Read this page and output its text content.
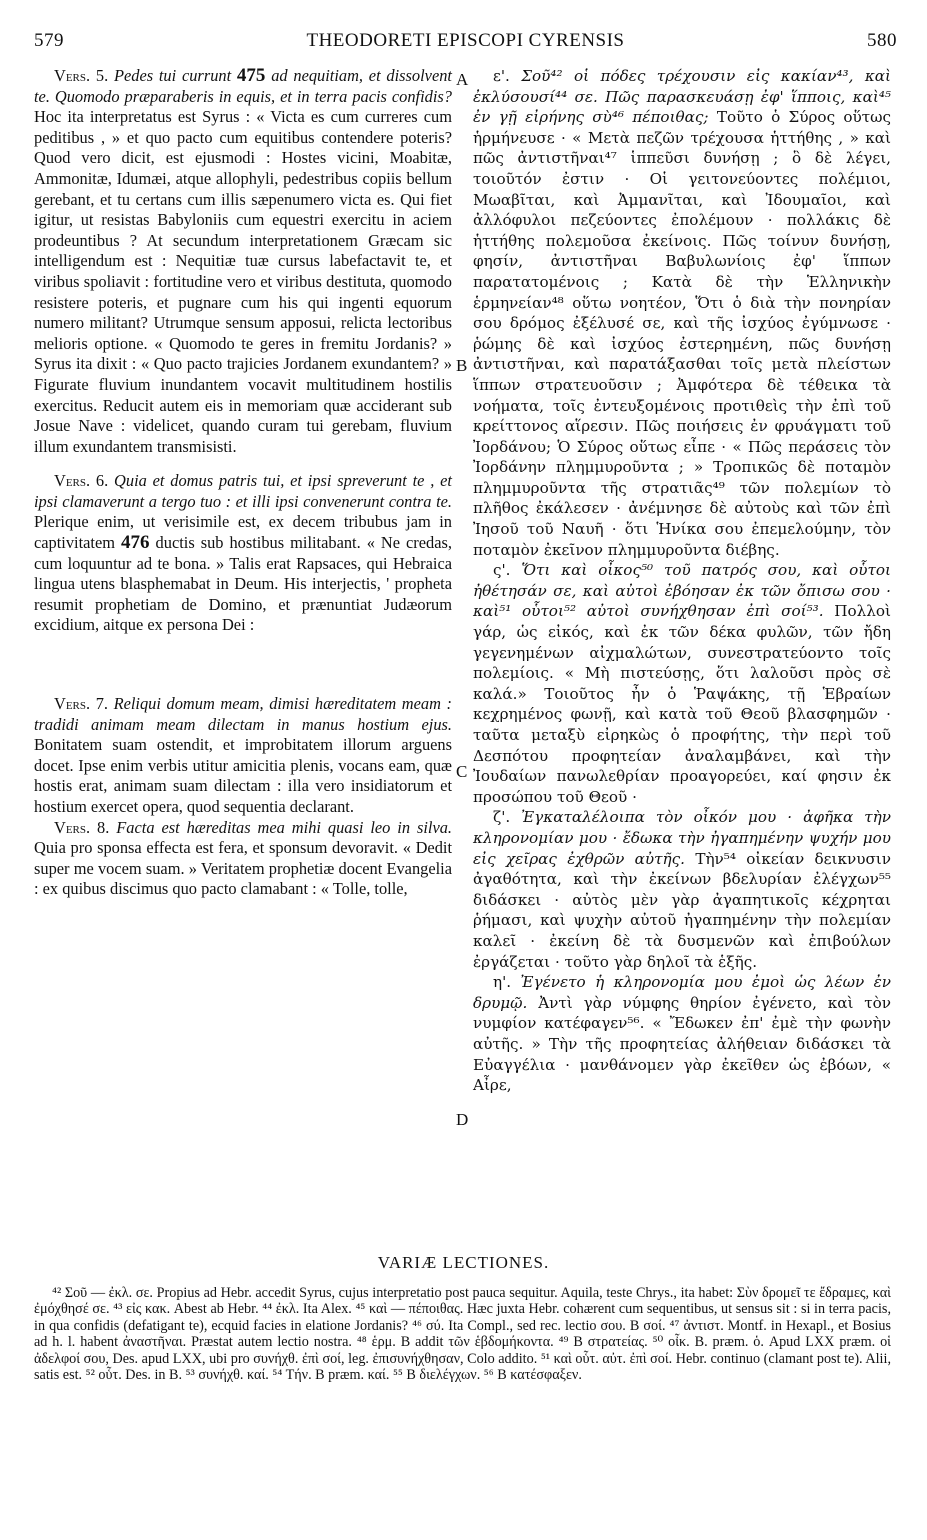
579	THEODORETI EPISCOPI CYRENSIS	580

Vers. 5. Pedes tui currunt 475 ad nequitiam, et dissolvent te. Quomodo præparaberis in equis, et in terra pacis confidis? Hoc ita interpretatus est Syrus : « Victa es cum curreres cum peditibus , » et quo pacto cum equitibus contendere poteris? Quod vero dicit, est ejusmodi : Hostes vicini, Moabitæ, Ammonitæ, Idumæi, atque allophyli, pedestribus copiis bellum gerebant, et tu certans cum illis sæpenumero victa es. Qui fiet igitur, ut resistas Babyloniis cum equestri exercitu in aciem prodeuntibus ? At secundum interpretationem Græcam sic intelligendum est : Nequitiæ tuæ cursus labefactavit te, et viribus spoliavit : fortitudine vero et viribus destituta, quomodo resistere poteris, et pugnare cum his qui ingenti equorum numero militant? Utrumque sensum apposui, relicta lectoribus melioris optione. « Quomodo te geres in fremitu Jordanis? » Syrus ita dixit : « Quo pacto trajicies Jordanem exundantem? » Figurate fluvium inundantem vocavit multitudinem hostilis exercitus. Reducit autem eis in memoriam quæ acciderant sub Josue Nave : videlicet, quando curam tui gerebam, fluvium illum exundantem transmisisti.

Vers. 6. Quia et domus patris tui, et ipsi spreverunt te , et ipsi clamaverunt a tergo tuo : et illi ipsi convenerunt contra te. Plerique enim, ut verisimile est, ex decem tribubus jam in captivitatem 476 ductis sub hostibus militabant. « Ne credas, cum loquuntur ad te bona. » Talis erat Rapsaces, qui Hebraica lingua utens blasphemabat in Deum. His interjectis, ' propheta resumit prophetiam de Domino, et prænuntiat Judæorum excidium, aitque ex persona Dei :

Vers. 7. Reliqui domum meam, dimisi hæreditatem meam : tradidi animam meam dilectam in manus hostium ejus. Bonitatem suam ostendit, et improbitatem illorum arguens docet. Ipse enim verbis utitur amicitia plenis, vocans eam, quæ hostis erat, animam suam dilectam : illa vero insidiatorum et hostium exercet opera, quod sequentia declarant.

Vers. 8. Facta est hæreditas mea mihi quasi leo in silva. Quia pro sponsa effecta est fera, et sponsum devoravit. « Dedit super me vocem suam. » Veritatem prophetiæ docent Evangelia : ex quibus discimus quo pacto clamabant : « Tolle, tolle,

A
B
C
D

ε'. Σοῦ⁴² οἱ πόδες τρέχουσιν εἰς κακίαν⁴³, καὶ ἐκλύσουσί⁴⁴ σε. Πῶς παρασκευάσῃ ἐφ' ἵπποις, καὶ⁴⁵ ἐν γῇ εἰρήνης σὺ⁴⁶ πέποιθας; Τοῦτο ὁ Σύρος οὕτως ἡρμήνευσε · « Μετὰ πεζῶν τρέχουσα ἡττήθης , » καὶ πῶς ἀντιστῆναι⁴⁷ ἱππεῦσι δυνήσῃ ; ὃ δὲ λέγει, τοιοῦτόν ἐστιν · Οἱ γειτονεύοντες πολέμιοι, Μωαβῖται, καὶ Ἀμμανῖται, καὶ Ἰδουμαῖοι, καὶ ἀλλόφυλοι πεζεύοντες ἐπολέμουν · πολλάκις δὲ ἡττήθης πολεμοῦσα ἐκείνοις. Πῶς τοίνυν δυνήσῃ, φησίν, ἀντιστῆναι Βαβυλωνίοις ἐφ' ἵππων παρατατομένοις ; Κατὰ δὲ τὴν Ἑλληνικὴν ἑρμηνείαν⁴⁸ οὕτω νοητέον, Ὅτι ὁ διὰ τὴν πονηρίαν σου δρόμος ἐξέλυσέ σε, καὶ τῆς ἰσχύος ἐγύμνωσε · ῥώμης δὲ καὶ ἰσχύος ἐστερημένη, πῶς δυνήσῃ ἀντιστῆναι, καὶ παρατάξασθαι τοῖς μετὰ πλείστων ἵππων στρατευοῦσιν ; Ἀμφότερα δὲ τέθεικα τὰ νοήματα, τοῖς ἐντευξομένοις προτιθεὶς τὴν ἐπὶ τοῦ κρείττονος αἵρεσιν. Πῶς ποιήσεις ἐν φρυάγματι τοῦ Ἰορδάνου; Ὁ Σύρος οὕτως εἶπε · « Πῶς περάσεις τὸν Ἰορδάνην πλημμυροῦντα ; » Τροπικῶς δὲ ποταμὸν πλημμυροῦντα τῆς στρατιᾶς⁴⁹ τῶν πολεμίων τὸ πλῆθος ἐκάλεσεν · ἀνέμνησε δὲ αὐτοὺς καὶ τῶν ἐπὶ Ἰησοῦ τοῦ Ναυῆ · ὅτι Ἡνίκα σου ἐπεμελούμην, τὸν ποταμὸν ἐκεῖνον πλημμυροῦντα διέβης.

ς'. Ὅτι καὶ οἶκος⁵⁰ τοῦ πατρός σου, καὶ οὗτοι ἠθέτησάν σε, καὶ αὐτοὶ ἐβόησαν ἐκ τῶν ὄπισω σου · καὶ⁵¹ οὗτοι⁵² αὐτοὶ συνήχθησαν ἐπὶ σοί⁵³. Πολλοὶ γάρ, ὡς εἰκός, καὶ ἐκ τῶν δέκα φυλῶν, τῶν ἤδη γεγενημένων αἰχμαλώτων, συνεστρατεύοντο τοῖς πολεμίοις. « Μὴ πιστεύσῃς, ὅτι λαλοῦσι πρὸς σὲ καλά.» Τοιοῦτος ἦν ὁ Ῥαψάκης, τῇ Ἑβραίων κεχρημένος φωνῇ, καὶ κατὰ τοῦ Θεοῦ βλασφημῶν · ταῦτα μεταξὺ εἰρηκὼς ὁ προφήτης, τὴν περὶ τοῦ Δεσπότου προφητείαν ἀναλαμβάνει, καὶ τὴν Ἰουδαίων πανωλεθρίαν προαγορεύει, καί φησιν ἐκ προσώπου τοῦ Θεοῦ ·

ζ'. Ἐγκαταλέλοιπα τὸν οἶκόν μου · ἀφῆκα τὴν κληρονομίαν μου · ἔδωκα τὴν ἠγαπημένην ψυχήν μου εἰς χεῖρας ἐχθρῶν αὐτῆς. Τὴν⁵⁴ οἰκείαν δεικνυσιν ἀγαθότητα, καὶ τὴν ἐκείνων βδελυρίαν ἐλέγχων⁵⁵ διδάσκει · αὐτὸς μὲν γὰρ ἀγαπητικοῖς κέχρηται ῥήμασι, καὶ ψυχὴν αὐτοῦ ἠγαπημένην τὴν πολεμίαν καλεῖ · ἐκείνη δὲ τὰ δυσμενῶν καὶ ἐπιβούλων ἐργάζεται · τοῦτο γὰρ δηλοῖ τὰ ἑξῆς.

η'. Ἐγένετο ἡ κληρονομία μου ἐμοὶ ὡς λέων ἐν δρυμῷ. Ἀντὶ γὰρ νύμφης θηρίον ἐγένετο, καὶ τὸν νυμφίον κατέφαγεν⁵⁶. « Ἔδωκεν ἐπ' ἐμὲ τὴν φωνὴν αὐτῆς. » Τὴν τῆς προφητείας ἀλήθειαν διδάσκει τὰ Εὐαγγέλια · μανθάνομεν γὰρ ἐκεῖθεν ὡς ἐβόων, « Αἶρε,

VARIÆ LECTIONES.

⁴² Σοῦ — ἐκλ. σε. Propius ad Hebr. accedit Syrus, cujus interpretatio post pauca sequitur. Aquila, teste Chrys., ita habet: Σὺν δρομεῖ τε ἔδραμες, καὶ ἐμόχθησέ σε. ⁴³ εἰς κακ. Abest ab Hebr. ⁴⁴ ἐκλ. Ita Alex. ⁴⁵ καὶ — πέποιθας. Hæc juxta Hebr. cohærent cum sequentibus, ut sensus sit : si in terra pacis, in qua confidis (defatigant te), ecquid facies in elatione Jordanis? ⁴⁶ σύ. Ita Compl., sed rec. lectio σου. B σοί. ⁴⁷ ἀντιστ. Montf. in Hexapl., et Bosius ad h. l. habent ἀναστῆναι. Præstat autem lectio nostra. ⁴⁸ ἑρμ. B addit τῶν ἑβδομήκοντα. ⁴⁹ B στρατείας. ⁵⁰ οἶκ. B. præm. ὁ. Apud LXX præm. οἱ ἀδελφοί σου, Des. apud LXX, ubi pro συνήχθ. ἐπὶ σοί, leg. ἐπισυνήχθησαν, Colo addito. ⁵¹ καὶ οὗτ. αὐτ. ἐπὶ σοί. Hebr. continuo (clamant post te). Alii, satis est. ⁵² οὗτ. Des. in B. ⁵³ συνήχθ. καί. ⁵⁴ Τήν. B præm. καί. ⁵⁵ B διελέγχων. ⁵⁶ B κατέσφαξεν.
